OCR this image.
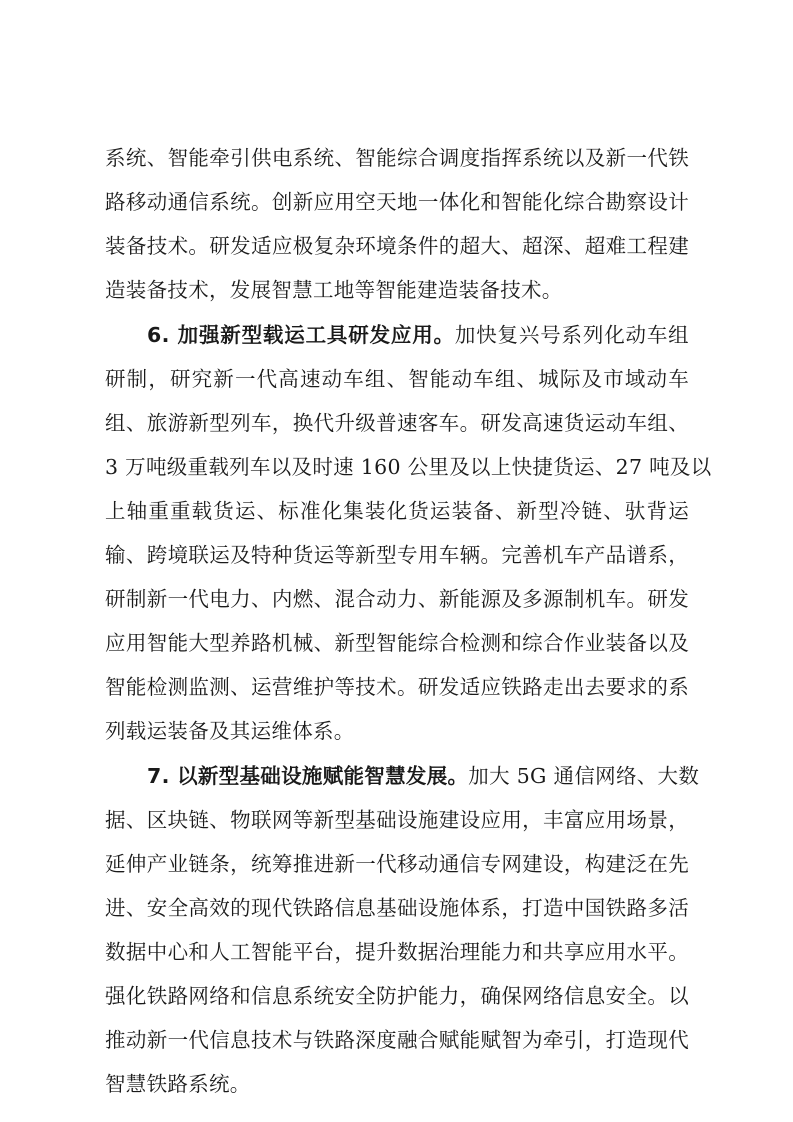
系统、智能牵引供电系统、智能综合调度指挥系统以及新一代铁
路移动通信系统。创新应用空天地一体化和智能化综合勘察设计
装备技术。研发适应极复杂环境条件的超大、超深、超难工程建
造装备技术，发展智慧工地等智能建造装备技术。
6. 加强新型载运工具研发应用。加快复兴号系列化动车组
研制，研究新一代高速动车组、智能动车组、城际及市域动车
组、旅游新型列车，换代升级普速客车。研发高速货运动车组、
3 万吨级重载列车以及时速 160 公里及以上快捷货运、27 吨及以
上轴重重载货运、标准化集装化货运装备、新型冷链、驮背运
输、跨境联运及特种货运等新型专用车辆。完善机车产品谱系，
研制新一代电力、内燃、混合动力、新能源及多源制机车。研发
应用智能大型养路机械、新型智能综合检测和综合作业装备以及
智能检测监测、运营维护等技术。研发适应铁路走出去要求的系
列载运装备及其运维体系。
7. 以新型基础设施赋能智慧发展。加大 5G 通信网络、大数
据、区块链、物联网等新型基础设施建设应用，丰富应用场景，
延伸产业链条，统筹推进新一代移动通信专网建设，构建泛在先
进、安全高效的现代铁路信息基础设施体系，打造中国铁路多活
数据中心和人工智能平台，提升数据治理能力和共享应用水平。
强化铁路网络和信息系统安全防护能力，确保网络信息安全。以
推动新一代信息技术与铁路深度融合赋能赋智为牵引，打造现代
智慧铁路系统。
